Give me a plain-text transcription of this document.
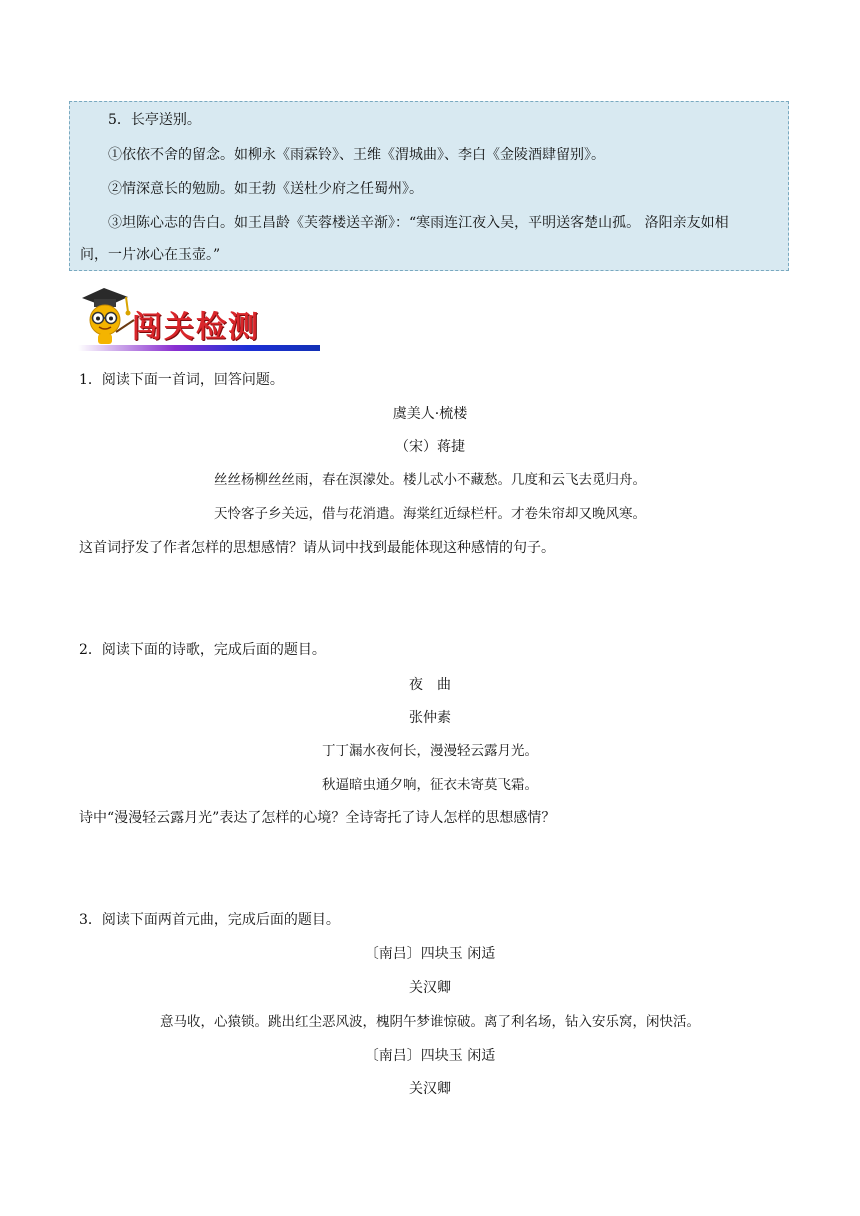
5．长亭送别。
①依依不舍的留念。如柳永《雨霖铃》、王维《渭城曲》、李白《金陵酒肆留别》。
②情深意长的勉励。如王勃《送杜少府之任蜀州》。
③坦陈心志的告白。如王昌龄《芙蓉楼送辛渐》：“寒雨连江夜入吴，平明送客楚山孤。 洛阳亲友如相
问，一片冰心在玉壶。”
闯关检测
1．阅读下面一首词，回答问题。
虞美人·梳楼
（宋）蒋捷
丝丝杨柳丝丝雨，春在溟濛处。楼儿忒小不藏愁。几度和云飞去觅归舟。
天怜客子乡关远，借与花消遣。海棠红近绿栏杆。才卷朱帘却又晚风寒。
这首词抒发了作者怎样的思想感情？请从词中找到最能体现这种感情的句子。
2．阅读下面的诗歌，完成后面的题目。
夜　曲
张仲素
丁丁漏水夜何长，漫漫轻云露月光。
秋逼暗虫通夕响，征衣未寄莫飞霜。
诗中“漫漫轻云露月光”表达了怎样的心境？全诗寄托了诗人怎样的思想感情？
3．阅读下面两首元曲，完成后面的题目。
〔南吕〕四块玉 闲适
关汉卿
意马收，心猿锁。跳出红尘恶风波，槐阴午梦谁惊破。离了利名场，钻入安乐窝，闲快活。
〔南吕〕四块玉 闲适
关汉卿
